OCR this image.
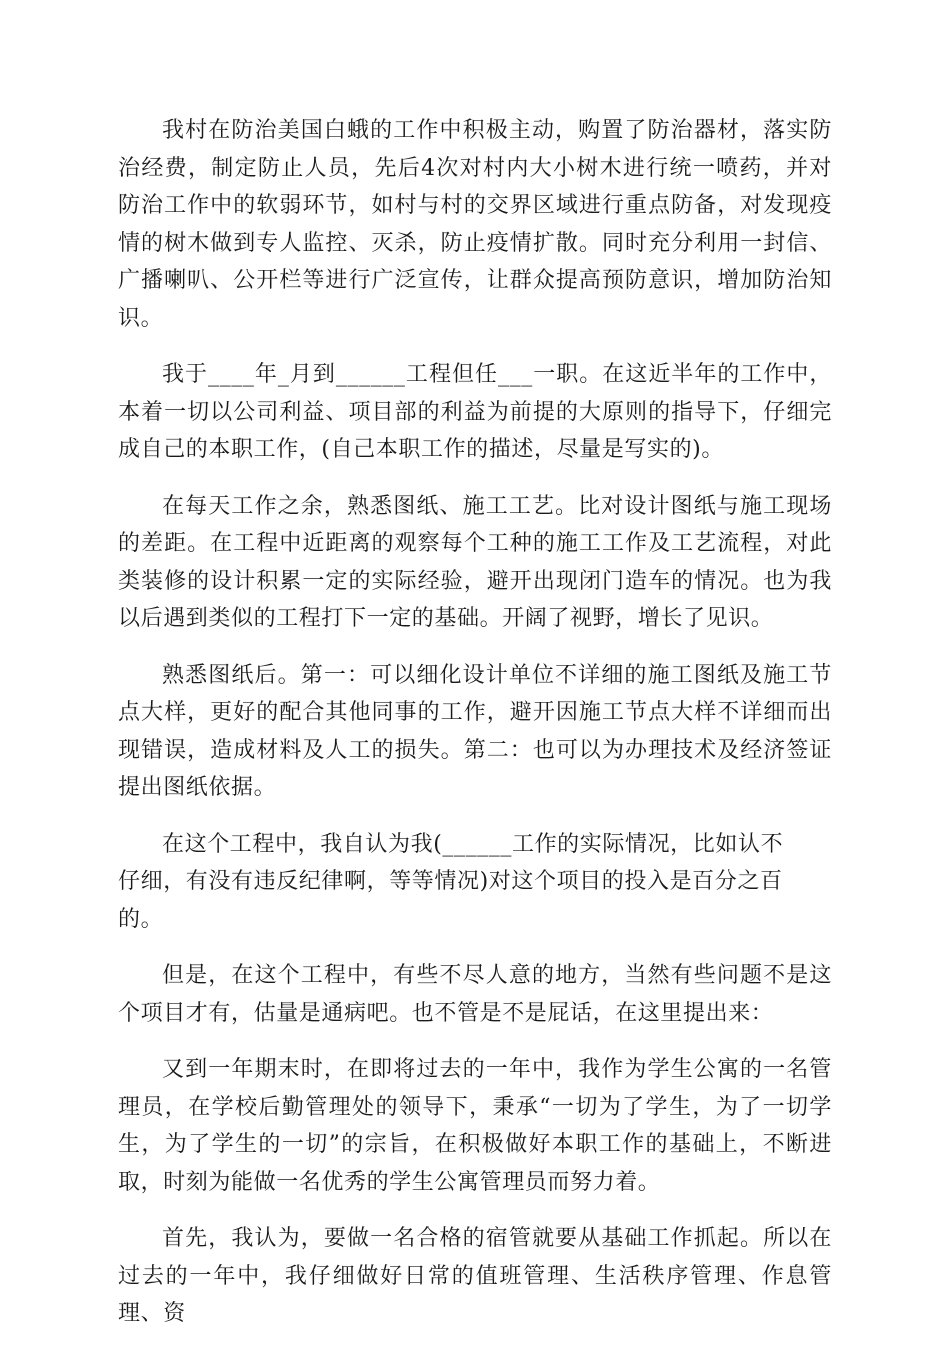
我村在防治美国白蛾的工作中积极主动，购置了防治器材，落实防治经费，制定防止人员，先后4次对村内大小树木进行统一喷药，并对防治工作中的软弱环节，如村与村的交界区域进行重点防备，对发现疫情的树木做到专人监控、灭杀，防止疫情扩散。同时充分利用一封信、广播喇叭、公开栏等进行广泛宣传，让群众提高预防意识，增加防治知识。

我于____年_月到______工程但任___一职。在这近半年的工作中，本着一切以公司利益、项目部的利益为前提的大原则的指导下，仔细完成自己的本职工作，(自己本职工作的描述，尽量是写实的)。

在每天工作之余，熟悉图纸、施工工艺。比对设计图纸与施工现场的差距。在工程中近距离的观察每个工种的施工工作及工艺流程，对此类装修的设计积累一定的实际经验，避开出现闭门造车的情况。也为我以后遇到类似的工程打下一定的基础。开阔了视野，增长了见识。

熟悉图纸后。第一：可以细化设计单位不详细的施工图纸及施工节点大样，更好的配合其他同事的工作，避开因施工节点大样不详细而出现错误，造成材料及人工的损失。第二：也可以为办理技术及经济签证提出图纸依据。

在这个工程中，我自认为我(______工作的实际情况，比如认不仔细，有没有违反纪律啊，等等情况)对这个项目的投入是百分之百的。

但是，在这个工程中，有些不尽人意的地方，当然有些问题不是这个项目才有，估量是通病吧。也不管是不是屁话，在这里提出来：

又到一年期末时，在即将过去的一年中，我作为学生公寓的一名管理员，在学校后勤管理处的领导下，秉承“一切为了学生，为了一切学生，为了学生的一切”的宗旨，在积极做好本职工作的基础上，不断进取，时刻为能做一名优秀的学生公寓管理员而努力着。

首先，我认为，要做一名合格的宿管就要从基础工作抓起。所以在过去的一年中，我仔细做好日常的值班管理、生活秩序管理、作息管理、资
